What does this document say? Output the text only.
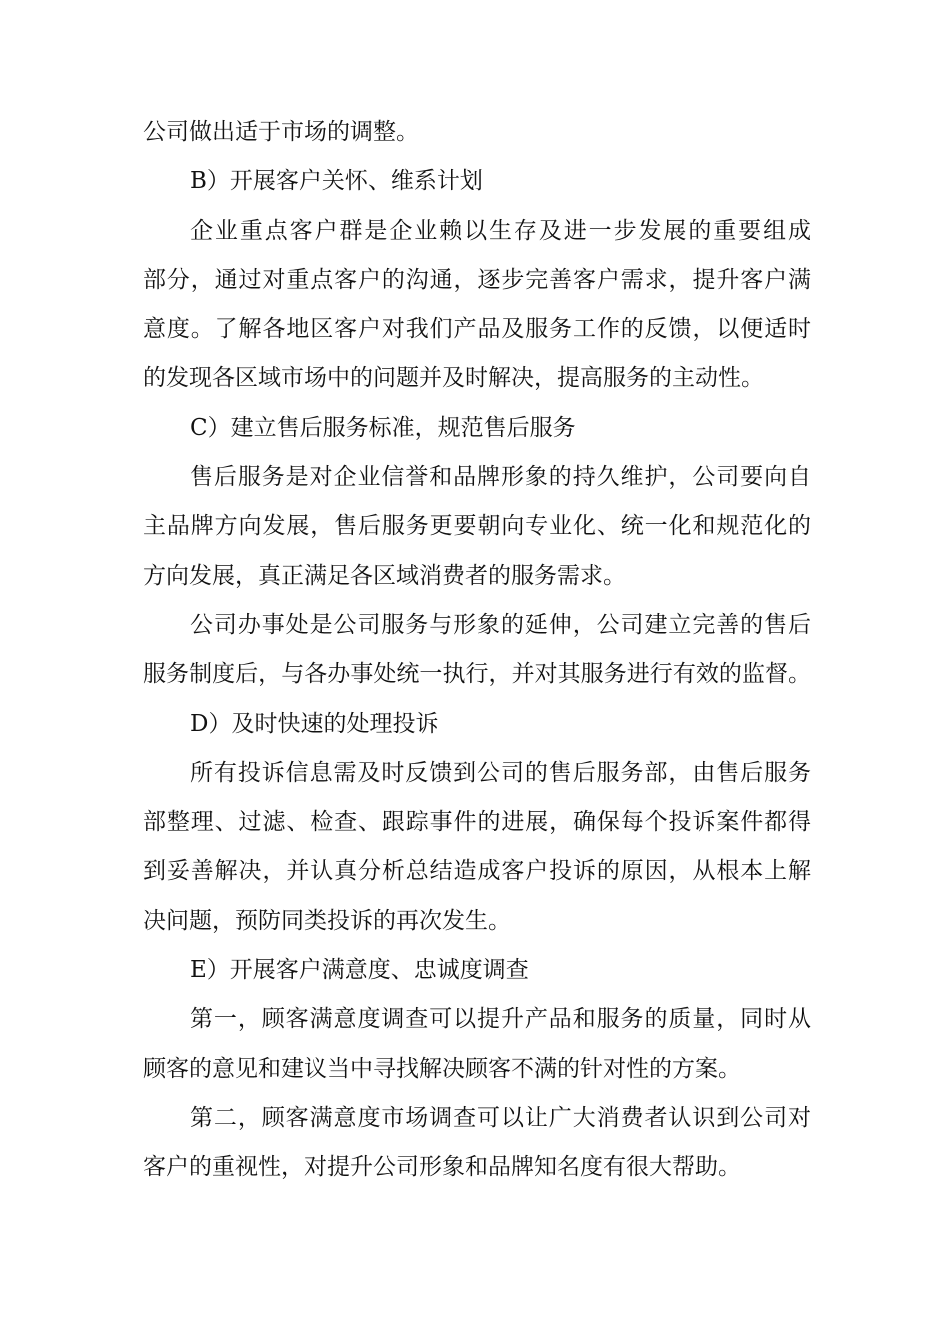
公司做出适于市场的调整。
B）开展客户关怀、维系计划
企业重点客户群是企业赖以生存及进一步发展的重要组成
部分，通过对重点客户的沟通，逐步完善客户需求，提升客户满
意度。了解各地区客户对我们产品及服务工作的反馈，以便适时
的发现各区域市场中的问题并及时解决，提高服务的主动性。
C）建立售后服务标准，规范售后服务
售后服务是对企业信誉和品牌形象的持久维护，公司要向自
主品牌方向发展，售后服务更要朝向专业化、统一化和规范化的
方向发展，真正满足各区域消费者的服务需求。
公司办事处是公司服务与形象的延伸，公司建立完善的售后
服务制度后，与各办事处统一执行，并对其服务进行有效的监督。
D）及时快速的处理投诉
所有投诉信息需及时反馈到公司的售后服务部，由售后服务
部整理、过滤、检查、跟踪事件的进展，确保每个投诉案件都得
到妥善解决，并认真分析总结造成客户投诉的原因，从根本上解
决问题，预防同类投诉的再次发生。
E）开展客户满意度、忠诚度调查
第一，顾客满意度调查可以提升产品和服务的质量，同时从
顾客的意见和建议当中寻找解决顾客不满的针对性的方案。
第二，顾客满意度市场调查可以让广大消费者认识到公司对
客户的重视性，对提升公司形象和品牌知名度有很大帮助。
